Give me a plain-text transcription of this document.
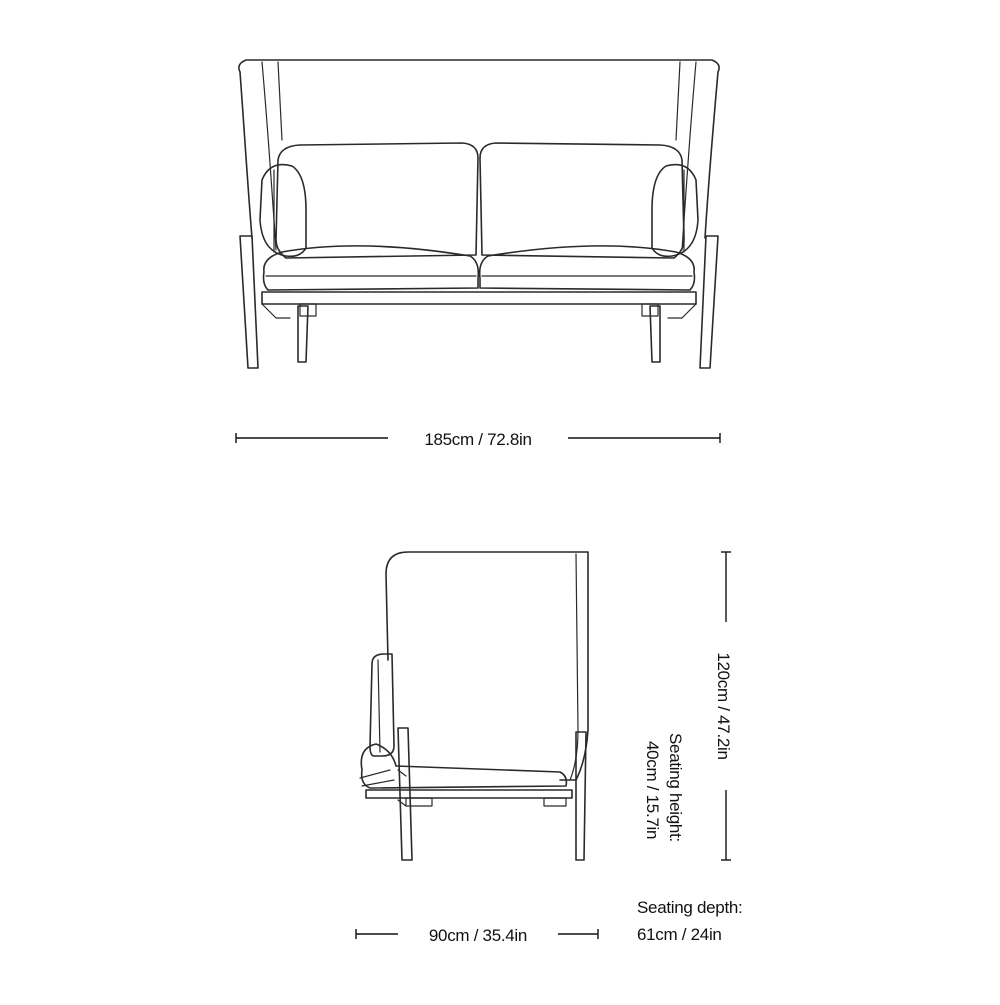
185cm / 72.8in
120cm / 47.2in
Seating height:
40cm / 15.7in
90cm / 35.4in
Seating depth:
61cm / 24in
